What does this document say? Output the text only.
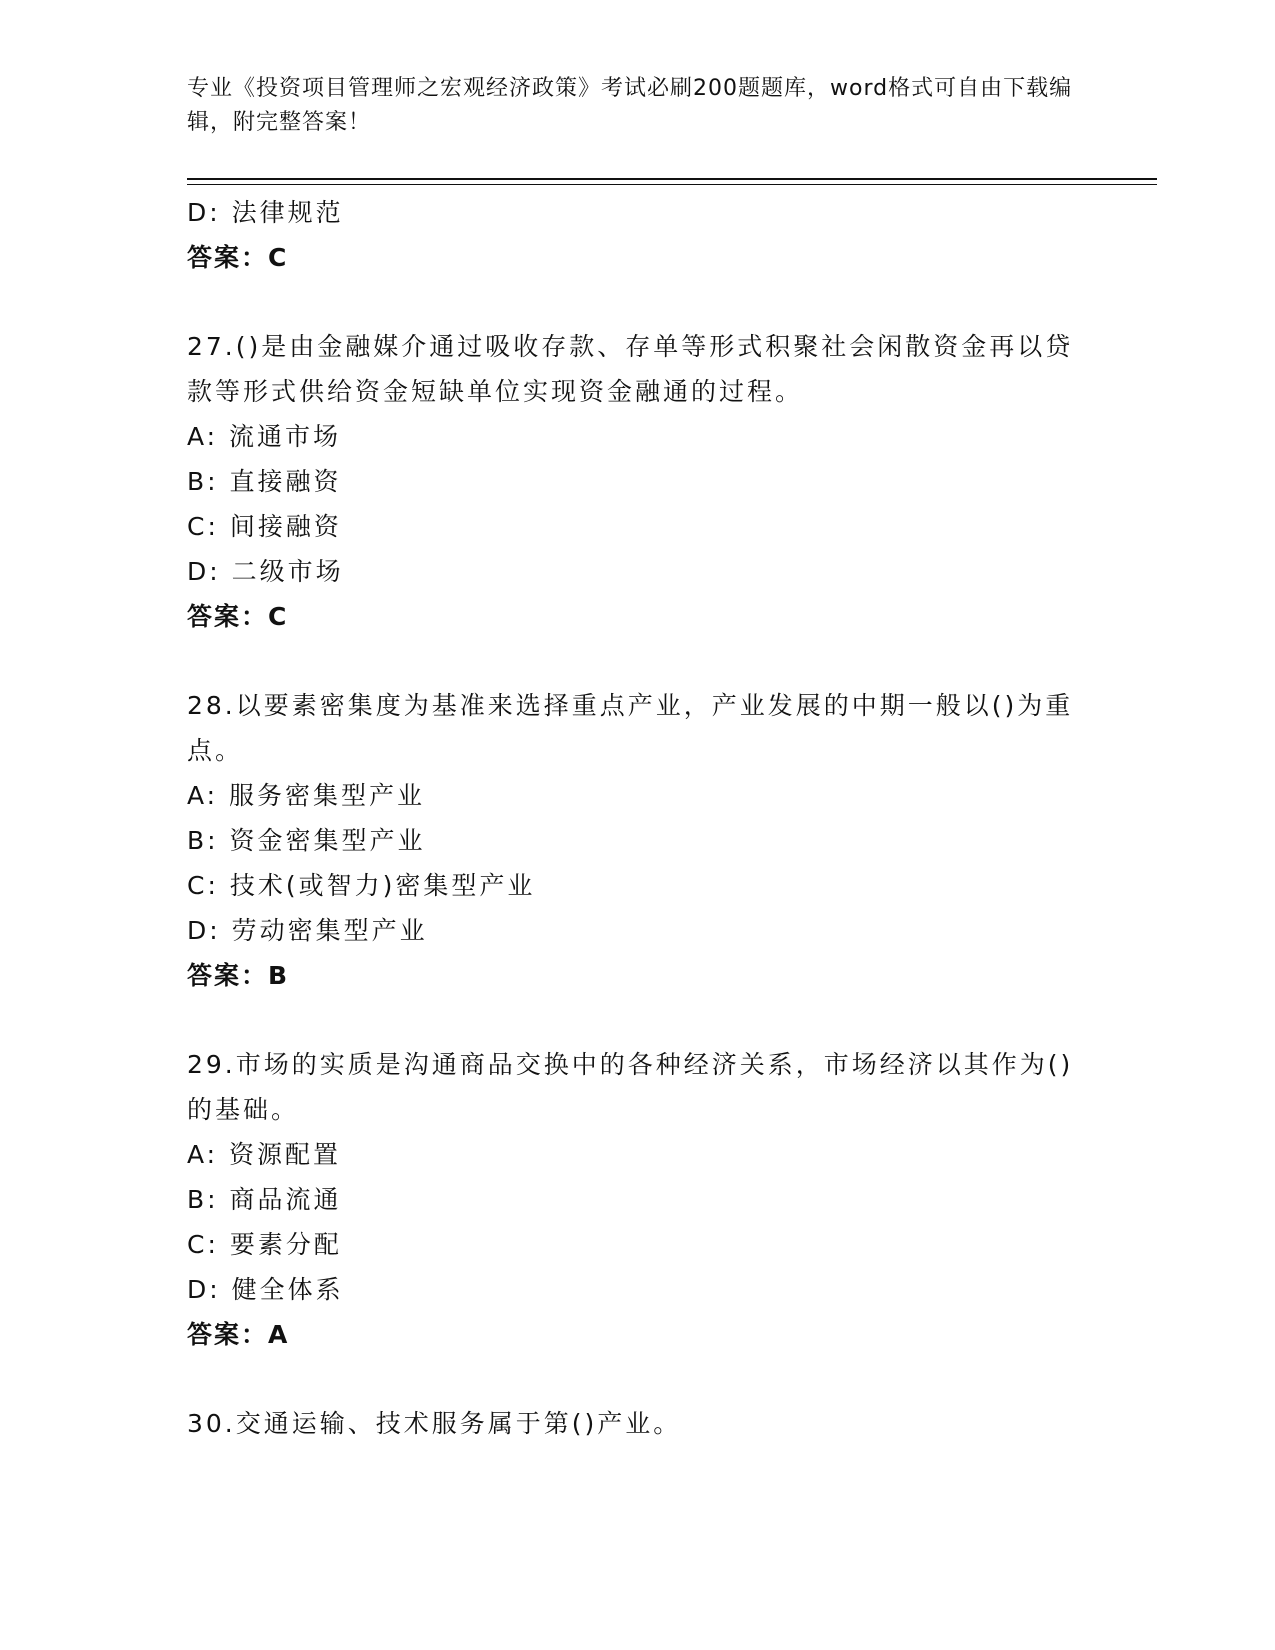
专业《投资项目管理师之宏观经济政策》考试必刷200题题库，word格式可自由下载编辑，附完整答案！
D: 法律规范
答案：C
27.()是由金融媒介通过吸收存款、存单等形式积聚社会闲散资金再以贷款等形式供给资金短缺单位实现资金融通的过程。
A: 流通市场
B: 直接融资
C: 间接融资
D: 二级市场
答案：C
28.以要素密集度为基准来选择重点产业，产业发展的中期一般以()为重点。
A: 服务密集型产业
B: 资金密集型产业
C: 技术(或智力)密集型产业
D: 劳动密集型产业
答案：B
29.市场的实质是沟通商品交换中的各种经济关系，市场经济以其作为()的基础。
A: 资源配置
B: 商品流通
C: 要素分配
D: 健全体系
答案：A
30.交通运输、技术服务属于第()产业。
